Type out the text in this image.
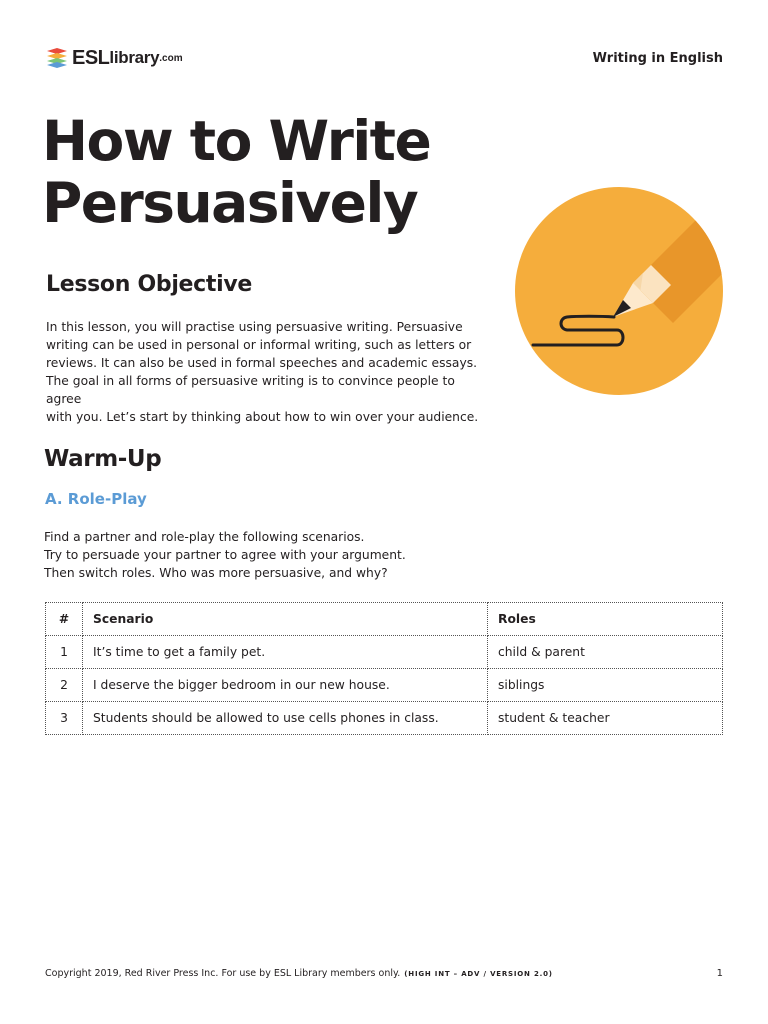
ESL library .com	Writing in English
How to Write
Persuasively
Lesson Objective

In this lesson, you will practise using persuasive writing. Persuasive
writing can be used in personal or informal writing, such as letters or
reviews. It can also be used in formal speeches and academic essays.
The goal in all forms of persuasive writing is to convince people to agree
with you. Let’s start by thinking about how to win over your audience.

Warm-Up
A. Role-Play

Find a partner and role-play the following scenarios.
Try to persuade your partner to agree with your argument.
Then switch roles. Who was more persuasive, and why?

#	Scenario	Roles
1	It’s time to get a family pet.	child & parent
2	I deserve the bigger bedroom in our new house.	siblings
3	Students should be allowed to use cells phones in class.	student & teacher
Copyright 2019, Red River Press Inc. For use by ESL Library members only. (HIGH INT – ADV / VERSION 2.0)	1
